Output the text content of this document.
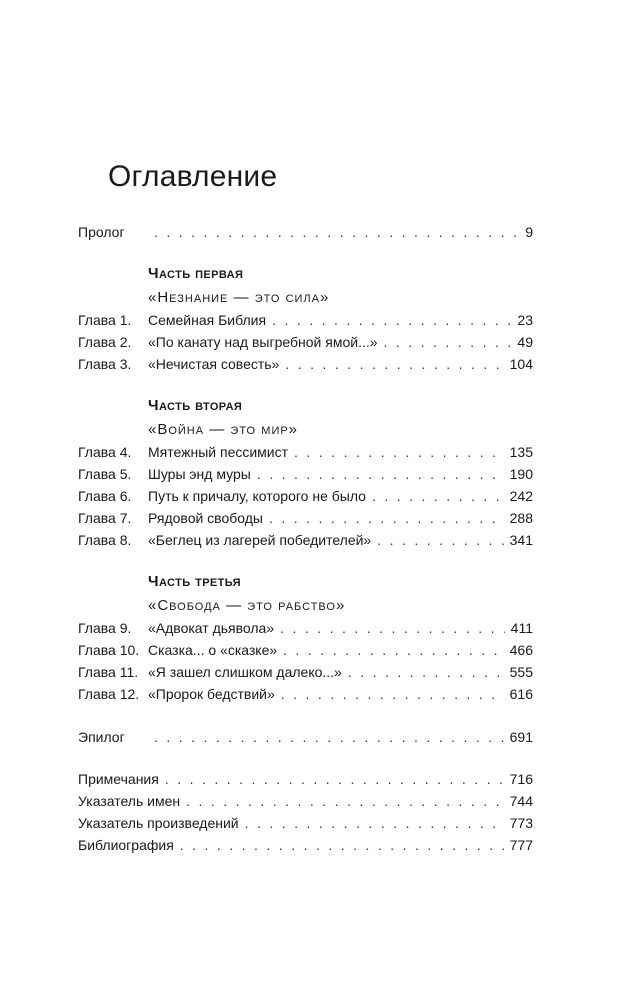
Оглавление
Пролог . . .	9
Часть первая
«Незнание — это сила»
Глава 1.	Семейная Библия . . .	23
Глава 2.	«По канату над выгребной ямой...» . . .	49
Глава 3.	«Нечистая совесть» . . .	104
Часть вторая
«Война — это мир»
Глава 4.	Мятежный пессимист . . .	135
Глава 5.	Шуры энд муры . . .	190
Глава 6.	Путь к причалу, которого не было . . .	242
Глава 7.	Рядовой свободы . . .	288
Глава 8.	«Беглец из лагерей победителей» . . .	341
Часть третья
«Свобода — это рабство»
Глава 9.	«Адвокат дьявола» . . .	411
Глава 10. Сказка... о «сказке» . . .	466
Глава 11. «Я зашел слишком далеко...» . . .	555
Глава 12. «Пророк бедствий» . . .	616
Эпилог . . .	691
Примечания . . .	716
Указатель имен . . .	744
Указатель произведений . . .	773
Библиография . . .	777
